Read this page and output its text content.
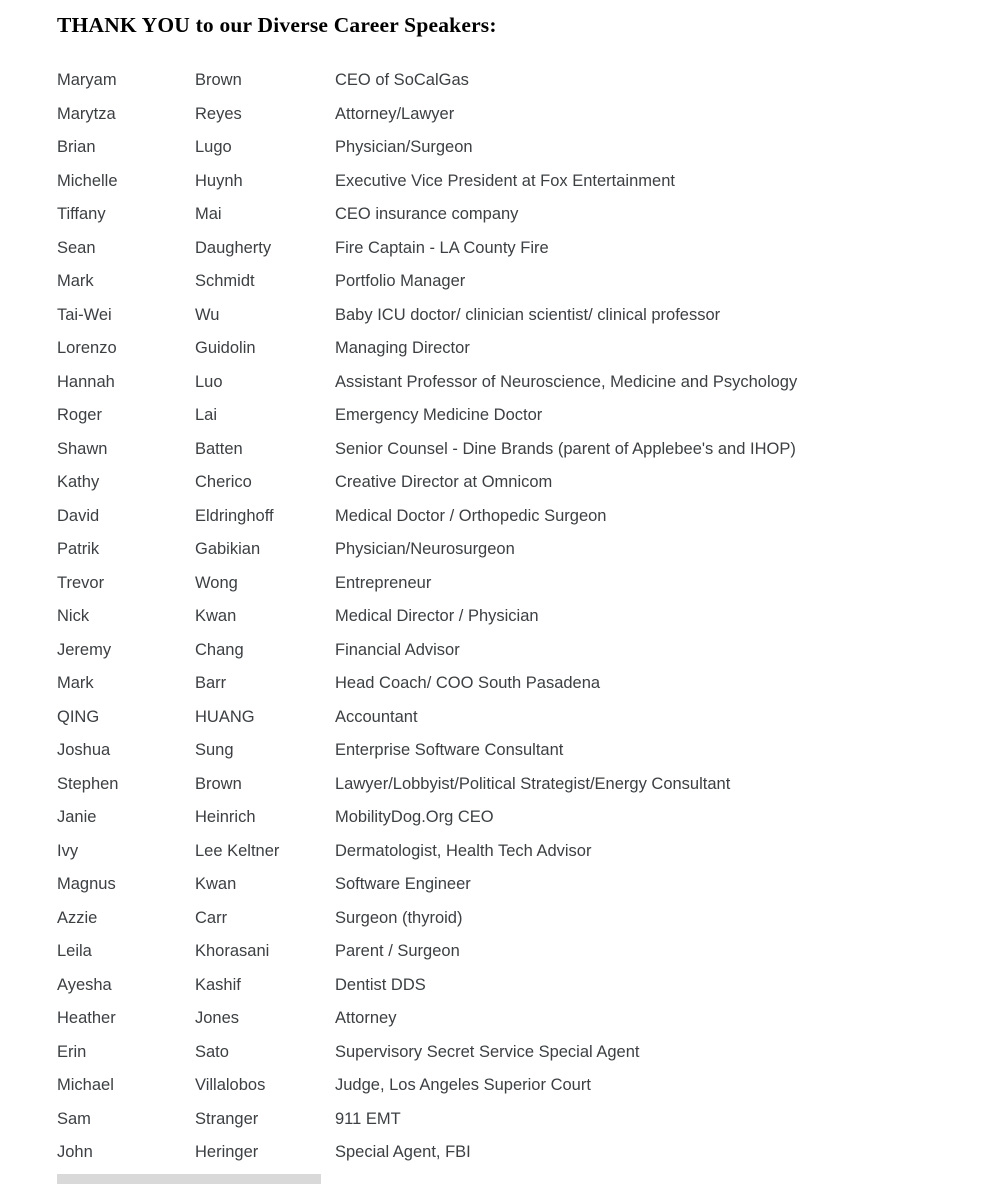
THANK YOU to our Diverse Career Speakers:
Maryam	Brown	CEO of SoCalGas
Marytza	Reyes	Attorney/Lawyer
Brian	Lugo	Physician/Surgeon
Michelle	Huynh	Executive Vice President at Fox Entertainment
Tiffany	Mai	CEO insurance company
Sean	Daugherty	Fire Captain - LA County Fire
Mark	Schmidt	Portfolio Manager
Tai-Wei	Wu	Baby ICU doctor/ clinician scientist/ clinical professor
Lorenzo	Guidolin	Managing Director
Hannah	Luo	Assistant Professor of Neuroscience, Medicine and Psychology
Roger	Lai	Emergency Medicine Doctor
Shawn	Batten	Senior Counsel - Dine Brands (parent of Applebee's and IHOP)
Kathy	Cherico	Creative Director at Omnicom
David	Eldringhoff	Medical Doctor / Orthopedic Surgeon
Patrik	Gabikian	Physician/Neurosurgeon
Trevor	Wong	Entrepreneur
Nick	Kwan	Medical Director / Physician
Jeremy	Chang	Financial Advisor
Mark	Barr	Head Coach/ COO South Pasadena
QING	HUANG	Accountant
Joshua	Sung	Enterprise Software Consultant
Stephen	Brown	Lawyer/Lobbyist/Political Strategist/Energy Consultant
Janie	Heinrich	MobilityDog.Org CEO
Ivy	Lee Keltner	Dermatologist, Health Tech Advisor
Magnus	Kwan	Software Engineer
Azzie	Carr	Surgeon (thyroid)
Leila	Khorasani	Parent / Surgeon
Ayesha	Kashif	Dentist DDS
Heather	Jones	Attorney
Erin	Sato	Supervisory Secret Service Special Agent
Michael	Villalobos	Judge, Los Angeles Superior Court
Sam	Stranger	911 EMT
John	Heringer	Special Agent, FBI
